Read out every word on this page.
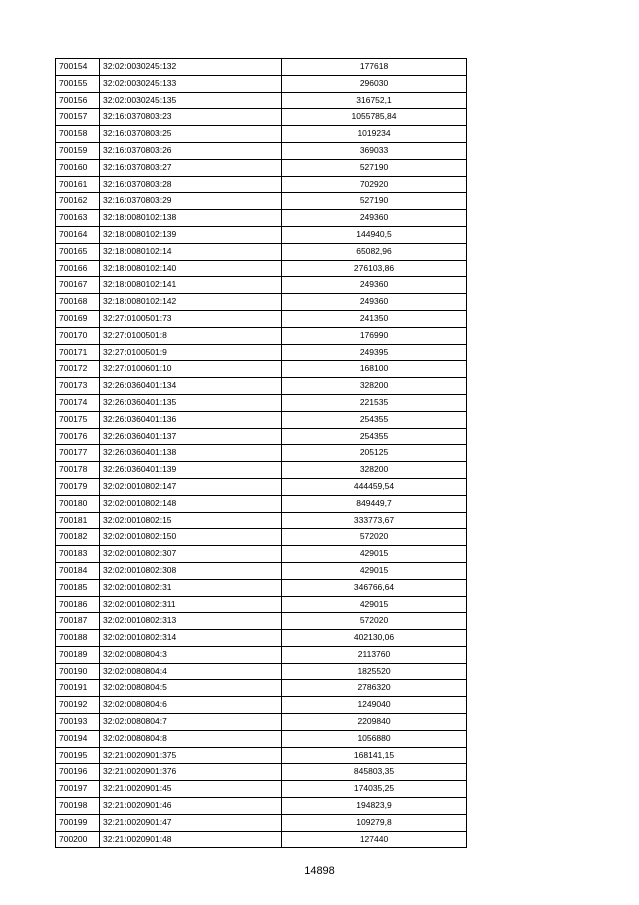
700154	32:02:0030245:132	177618
700155	32:02:0030245:133	296030
700156	32:02:0030245:135	316752,1
700157	32:16:0370803:23	1055785,84
700158	32:16:0370803:25	1019234
700159	32:16:0370803:26	369033
700160	32:16:0370803:27	527190
700161	32:16:0370803:28	702920
700162	32:16:0370803:29	527190
700163	32:18:0080102:138	249360
700164	32:18:0080102:139	144940,5
700165	32:18:0080102:14	65082,96
700166	32:18:0080102:140	276103,86
700167	32:18:0080102:141	249360
700168	32:18:0080102:142	249360
700169	32:27:0100501:73	241350
700170	32:27:0100501:8	176990
700171	32:27:0100501:9	249395
700172	32:27:0100601:10	168100
700173	32:26:0360401:134	328200
700174	32:26:0360401:135	221535
700175	32:26:0360401:136	254355
700176	32:26:0360401:137	254355
700177	32:26:0360401:138	205125
700178	32:26:0360401:139	328200
700179	32:02:0010802:147	444459,54
700180	32:02:0010802:148	849449,7
700181	32:02:0010802:15	333773,67
700182	32:02:0010802:150	572020
700183	32:02:0010802:307	429015
700184	32:02:0010802:308	429015
700185	32:02:0010802:31	346766,64
700186	32:02:0010802:311	429015
700187	32:02:0010802:313	572020
700188	32:02:0010802:314	402130,06
700189	32:02:0080804:3	2113760
700190	32:02:0080804:4	1825520
700191	32:02:0080804:5	2786320
700192	32:02:0080804:6	1249040
700193	32:02:0080804:7	2209840
700194	32:02:0080804:8	1056880
700195	32:21:0020901:375	168141,15
700196	32:21:0020901:376	845803,35
700197	32:21:0020901:45	174035,25
700198	32:21:0020901:46	194823,9
700199	32:21:0020901:47	109279,8
700200	32:21:0020901:48	127440
14898
